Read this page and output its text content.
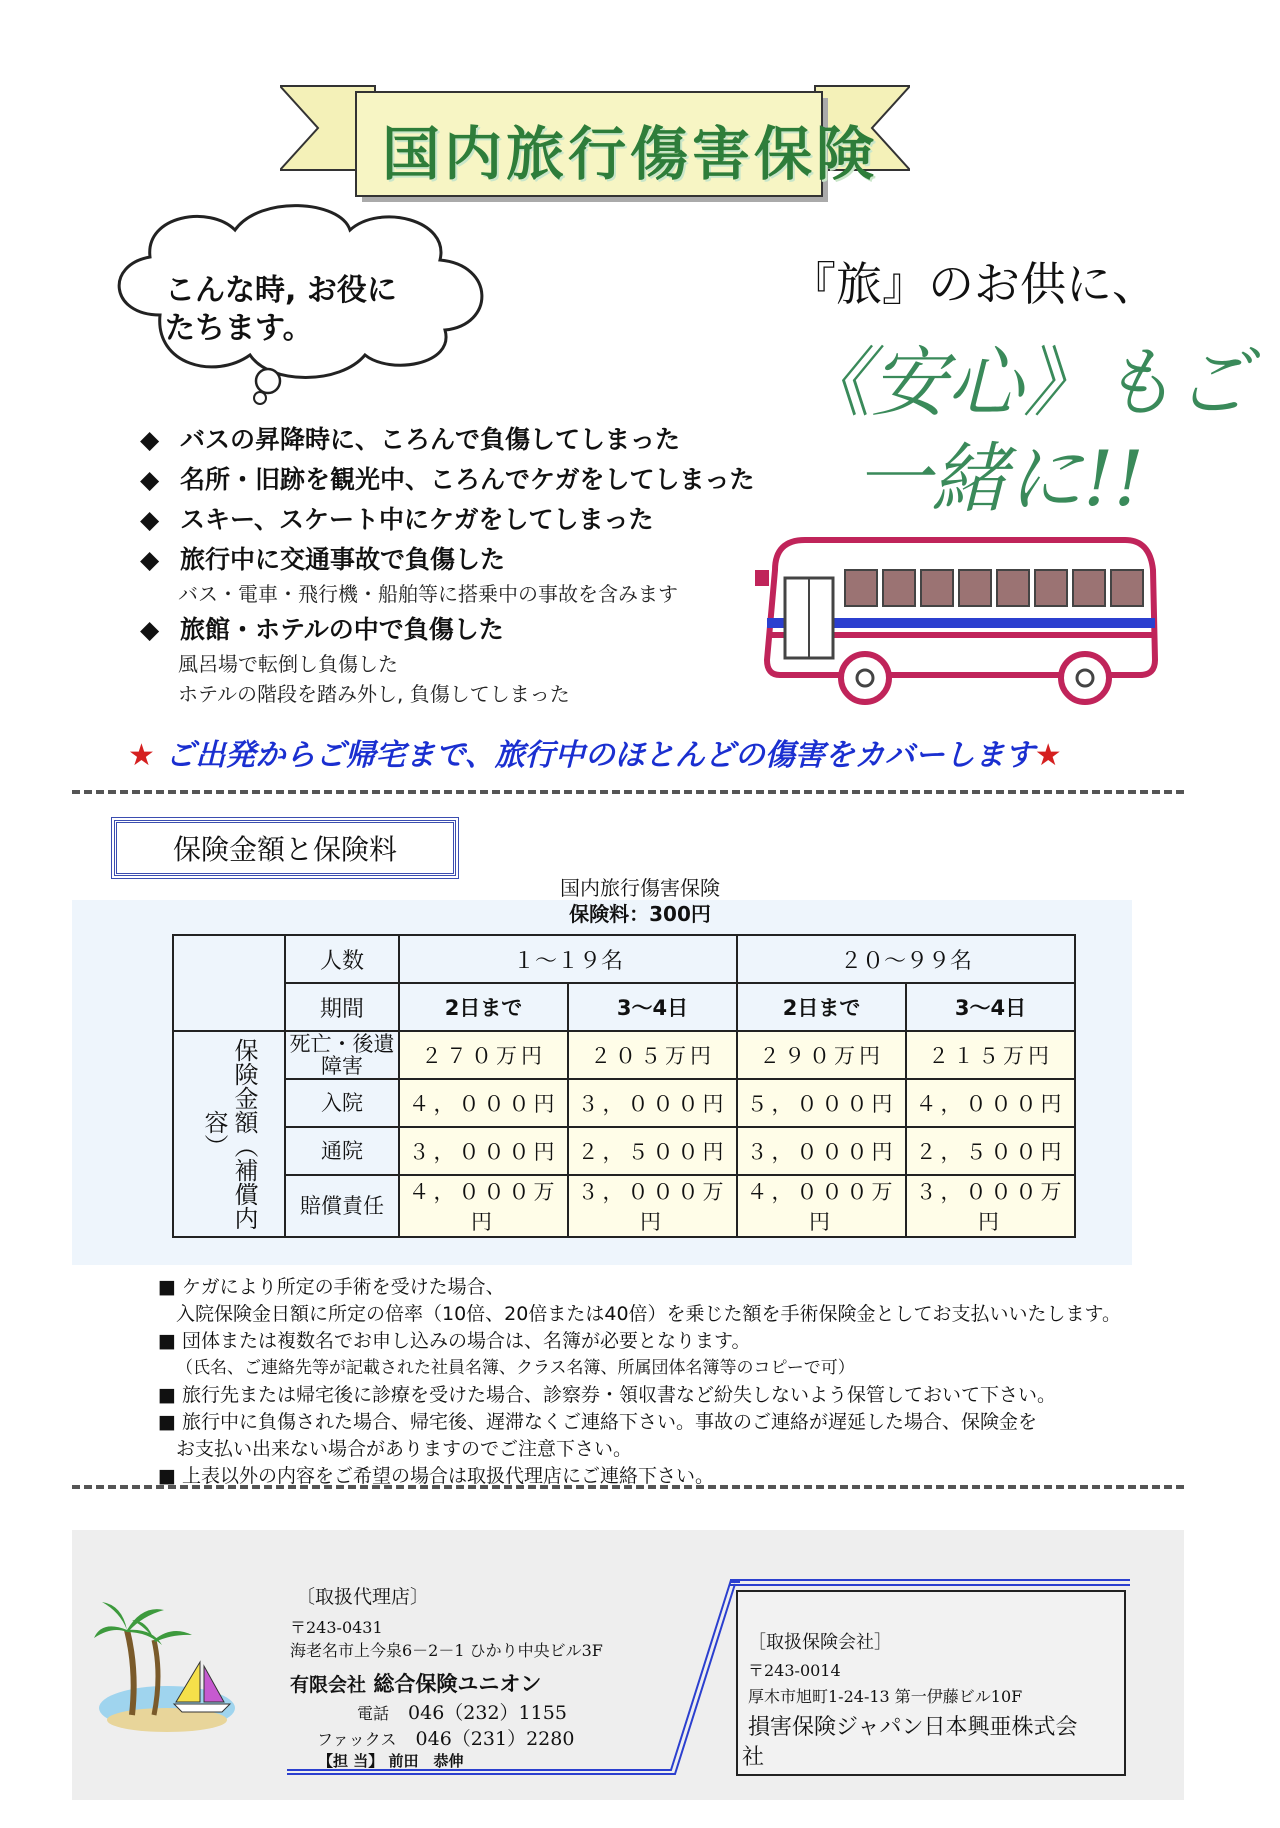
国内旅行傷害保険
こんな時, お役に
たちます。
『旅』のお供に、
《安心》もご
一緒に!!
◆ バスの昇降時に、ころんで負傷してしまった
◆ 名所・旧跡を観光中、ころんでケガをしてしまった
◆ スキー、スケート中にケガをしてしまった
◆ 旅行中に交通事故で負傷した
バス・電車・飛行機・船舶等に搭乗中の事故を含みます
◆ 旅館・ホテルの中で負傷した
風呂場で転倒し負傷した
ホテルの階段を踏み外し, 負傷してしまった
★ ご出発からご帰宅まで、旅行中のほとんどの傷害をカバーします★
保険金額と保険料
国内旅行傷害保険
保険料：300円
	人数	１～１９名		２０～９９名	
	期間	2日まで	3～4日	2日まで	3～4日
保険金額（補償内容）	死亡・後遺障害	２７０万円	２０５万円	２９０万円	２１５万円
	入院	４，０００円	３，０００円	５，０００円	４，０００円
	通院	３，０００円	２，５００円	３，０００円	２，５００円
	賠償責任	４，０００万円	３，０００万円	４，０００万円	３，０００万円
■ ケガにより所定の手術を受けた場合、
入院保険金日額に所定の倍率（10倍、20倍または40倍）を乗じた額を手術保険金としてお支払いいたします。
■ 団体または複数名でお申し込みの場合は、名簿が必要となります。
（氏名、ご連絡先等が記載された社員名簿、クラス名簿、所属団体名簿等のコピーで可）
■ 旅行先または帰宅後に診療を受けた場合、診察券・領収書など紛失しないよう保管しておいて下さい。
■ 旅行中に負傷された場合、帰宅後、遅滞なくご連絡下さい。事故のご連絡が遅延した場合、保険金を
お支払い出来ない場合がありますのでご注意下さい。
■ 上表以外の内容をご希望の場合は取扱代理店にご連絡下さい。
〔取扱代理店〕
〒243-0431
海老名市上今泉6－2－1 ひかり中央ビル3F
有限会社 総合保険ユニオン
電話　 046（232）1155
ファックス　 046（231）2280
【担 当】 前田　恭伸
［取扱保険会社］
〒243-0014
厚木市旭町1-24-13 第一伊藤ビル10F
損害保険ジャパン日本興亜株式会
社
